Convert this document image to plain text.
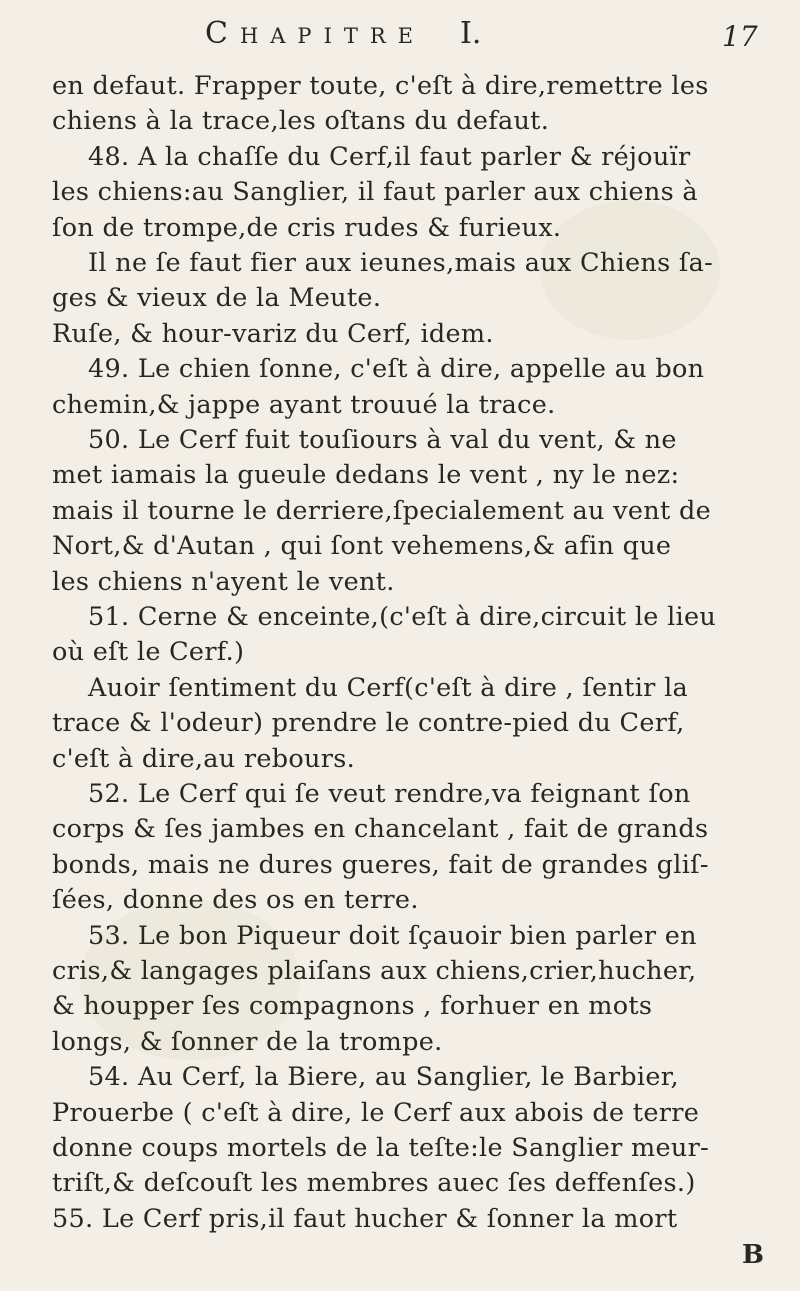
Chapitre I.	17
en defaut. Frapper toute, c'eſt à dire,remettre les
chiens à la trace,les oſtans du defaut.
48. A la chaſſe du Cerf,il faut parler & réjouïr
les chiens:au Sanglier, il faut parler aux chiens à
ſon de trompe,de cris rudes & furieux.
Il ne ſe faut fier aux ieunes,mais aux Chiens ſa-
ges & vieux de la Meute.
Ruſe, & hour-variz du Cerf, idem.
49. Le chien ſonne, c'eſt à dire, appelle au bon
chemin,& jappe ayant trouué la trace.
50. Le Cerf fuit touſiours à val du vent, & ne
met iamais la gueule dedans le vent , ny le nez:
mais il tourne le derriere,ſpecialement au vent de
Nort,& d'Autan , qui ſont vehemens,& afin que
les chiens n'ayent le vent.
51. Cerne & enceinte,(c'eſt à dire,circuit le lieu
où eſt le Cerf.)
Auoir ſentiment du Cerf(c'eſt à dire , ſentir la
trace & l'odeur) prendre le contre-pied du Cerf,
c'eſt à dire,au rebours.
52. Le Cerf qui ſe veut rendre,va feignant ſon
corps & ſes jambes en chancelant , fait de grands
bonds, mais ne dures gueres, fait de grandes gliſ-
ſées, donne des os en terre.
53. Le bon Piqueur doit ſçauoir bien parler en
cris,& langages plaiſans aux chiens,crier,hucher,
& houpper ſes compagnons , forhuer en mots
longs, & ſonner de la trompe.
54. Au Cerf, la Biere, au Sanglier, le Barbier,
Prouerbe ( c'eſt à dire, le Cerf aux abois de terre
donne coups mortels de la teſte:le Sanglier meur-
triſt,& deſcouſt les membres auec ſes deffenſes.)
55. Le Cerf pris,il faut hucher & ſonner la mort
B
